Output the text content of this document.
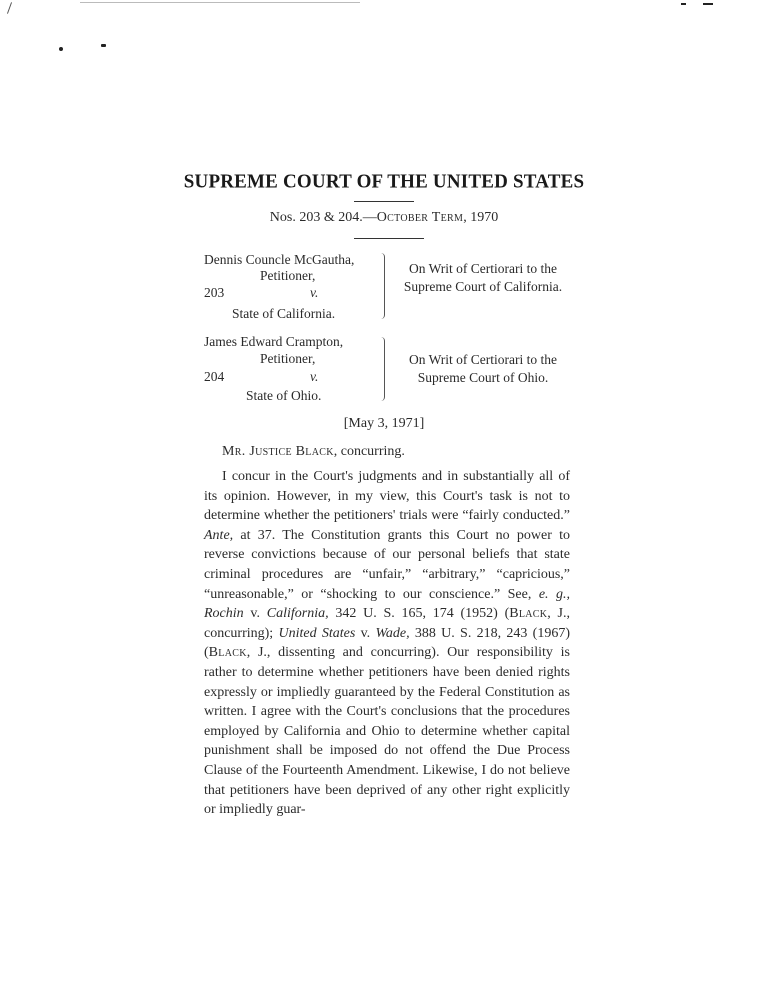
SUPREME COURT OF THE UNITED STATES
Nos. 203 & 204.—October Term, 1970
Dennis Councle McGautha,
Petitioner,
203	v.
State of California.
On Writ of Certiorari to the Supreme Court of California.
James Edward Crampton,
Petitioner,
204	v.
State of Ohio.
On Writ of Certiorari to the Supreme Court of Ohio.
[May 3, 1971]
Mr. Justice Black, concurring.
I concur in the Court's judgments and in substantially all of its opinion. However, in my view, this Court's task is not to determine whether the petitioners' trials were “fairly conducted.” Ante, at 37. The Constitution grants this Court no power to reverse convictions because of our personal beliefs that state criminal procedures are “unfair,” “arbitrary,” “capricious,” “unreasonable,” or “shocking to our conscience.” See, e. g., Rochin v. California, 342 U. S. 165, 174 (1952) (Black, J., concurring); United States v. Wade, 388 U. S. 218, 243 (1967) (Black, J., dissenting and concurring). Our responsibility is rather to determine whether petitioners have been denied rights expressly or impliedly guaranteed by the Federal Constitution as written. I agree with the Court's conclusions that the procedures employed by California and Ohio to determine whether capital punishment shall be imposed do not offend the Due Process Clause of the Fourteenth Amendment. Likewise, I do not believe that petitioners have been deprived of any other right explicitly or impliedly guar-
